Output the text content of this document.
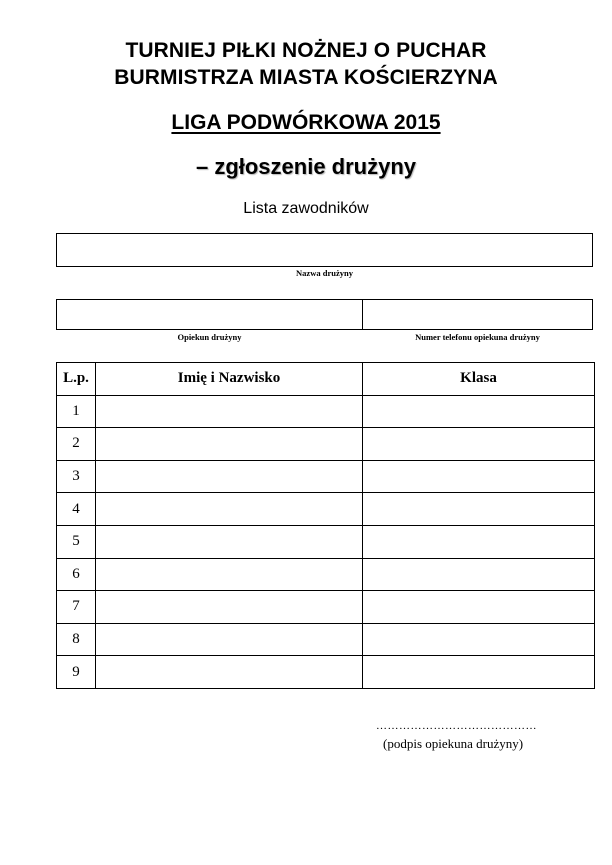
TURNIEJ PIŁKI NOŻNEJ O PUCHAR
BURMISTRZA MIASTA KOŚCIERZYNA
LIGA PODWÓRKOWA 2015
– zgłoszenie drużyny
Lista zawodników
Nazwa drużyny
Opiekun drużyny	Numer telefonu opiekuna drużyny
L.p.	Imię i Nazwisko	Klasa
1		
2		
3		
4		
5		
6		
7		
8		
9		
……………………………………
(podpis opiekuna drużyny)
